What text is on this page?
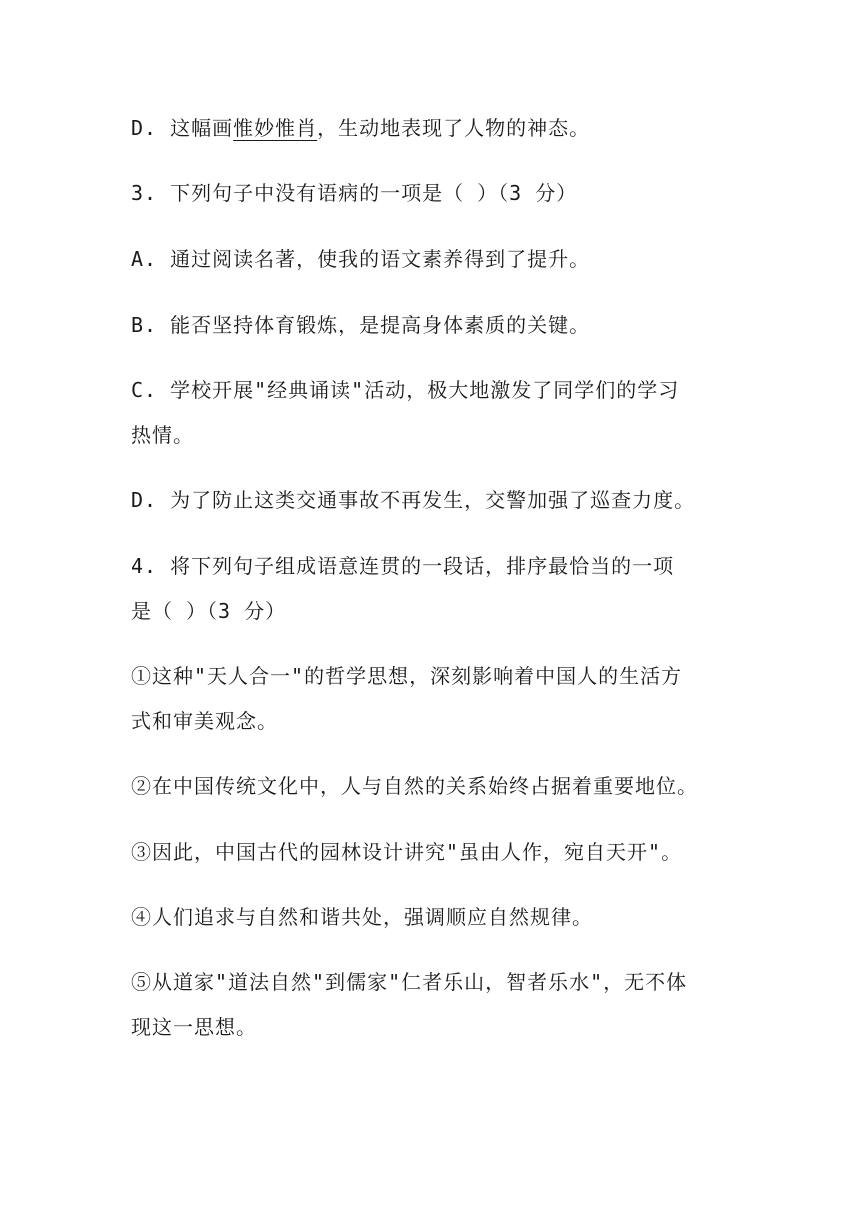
D. 这幅画惟妙惟肖，生动地表现了人物的神态。
3. 下列句子中没有语病的一项是（ ）（3 分）
A. 通过阅读名著，使我的语文素养得到了提升。
B. 能否坚持体育锻炼，是提高身体素质的关键。
C. 学校开展"经典诵读"活动，极大地激发了同学们的学习
热情。
D. 为了防止这类交通事故不再发生，交警加强了巡查力度。
4. 将下列句子组成语意连贯的一段话，排序最恰当的一项
是（ ）（3 分）
①这种"天人合一"的哲学思想，深刻影响着中国人的生活方
式和审美观念。
②在中国传统文化中，人与自然的关系始终占据着重要地位。
③因此，中国古代的园林设计讲究"虽由人作，宛自天开"。
④人们追求与自然和谐共处，强调顺应自然规律。
⑤从道家"道法自然"到儒家"仁者乐山，智者乐水"，无不体
现这一思想。
